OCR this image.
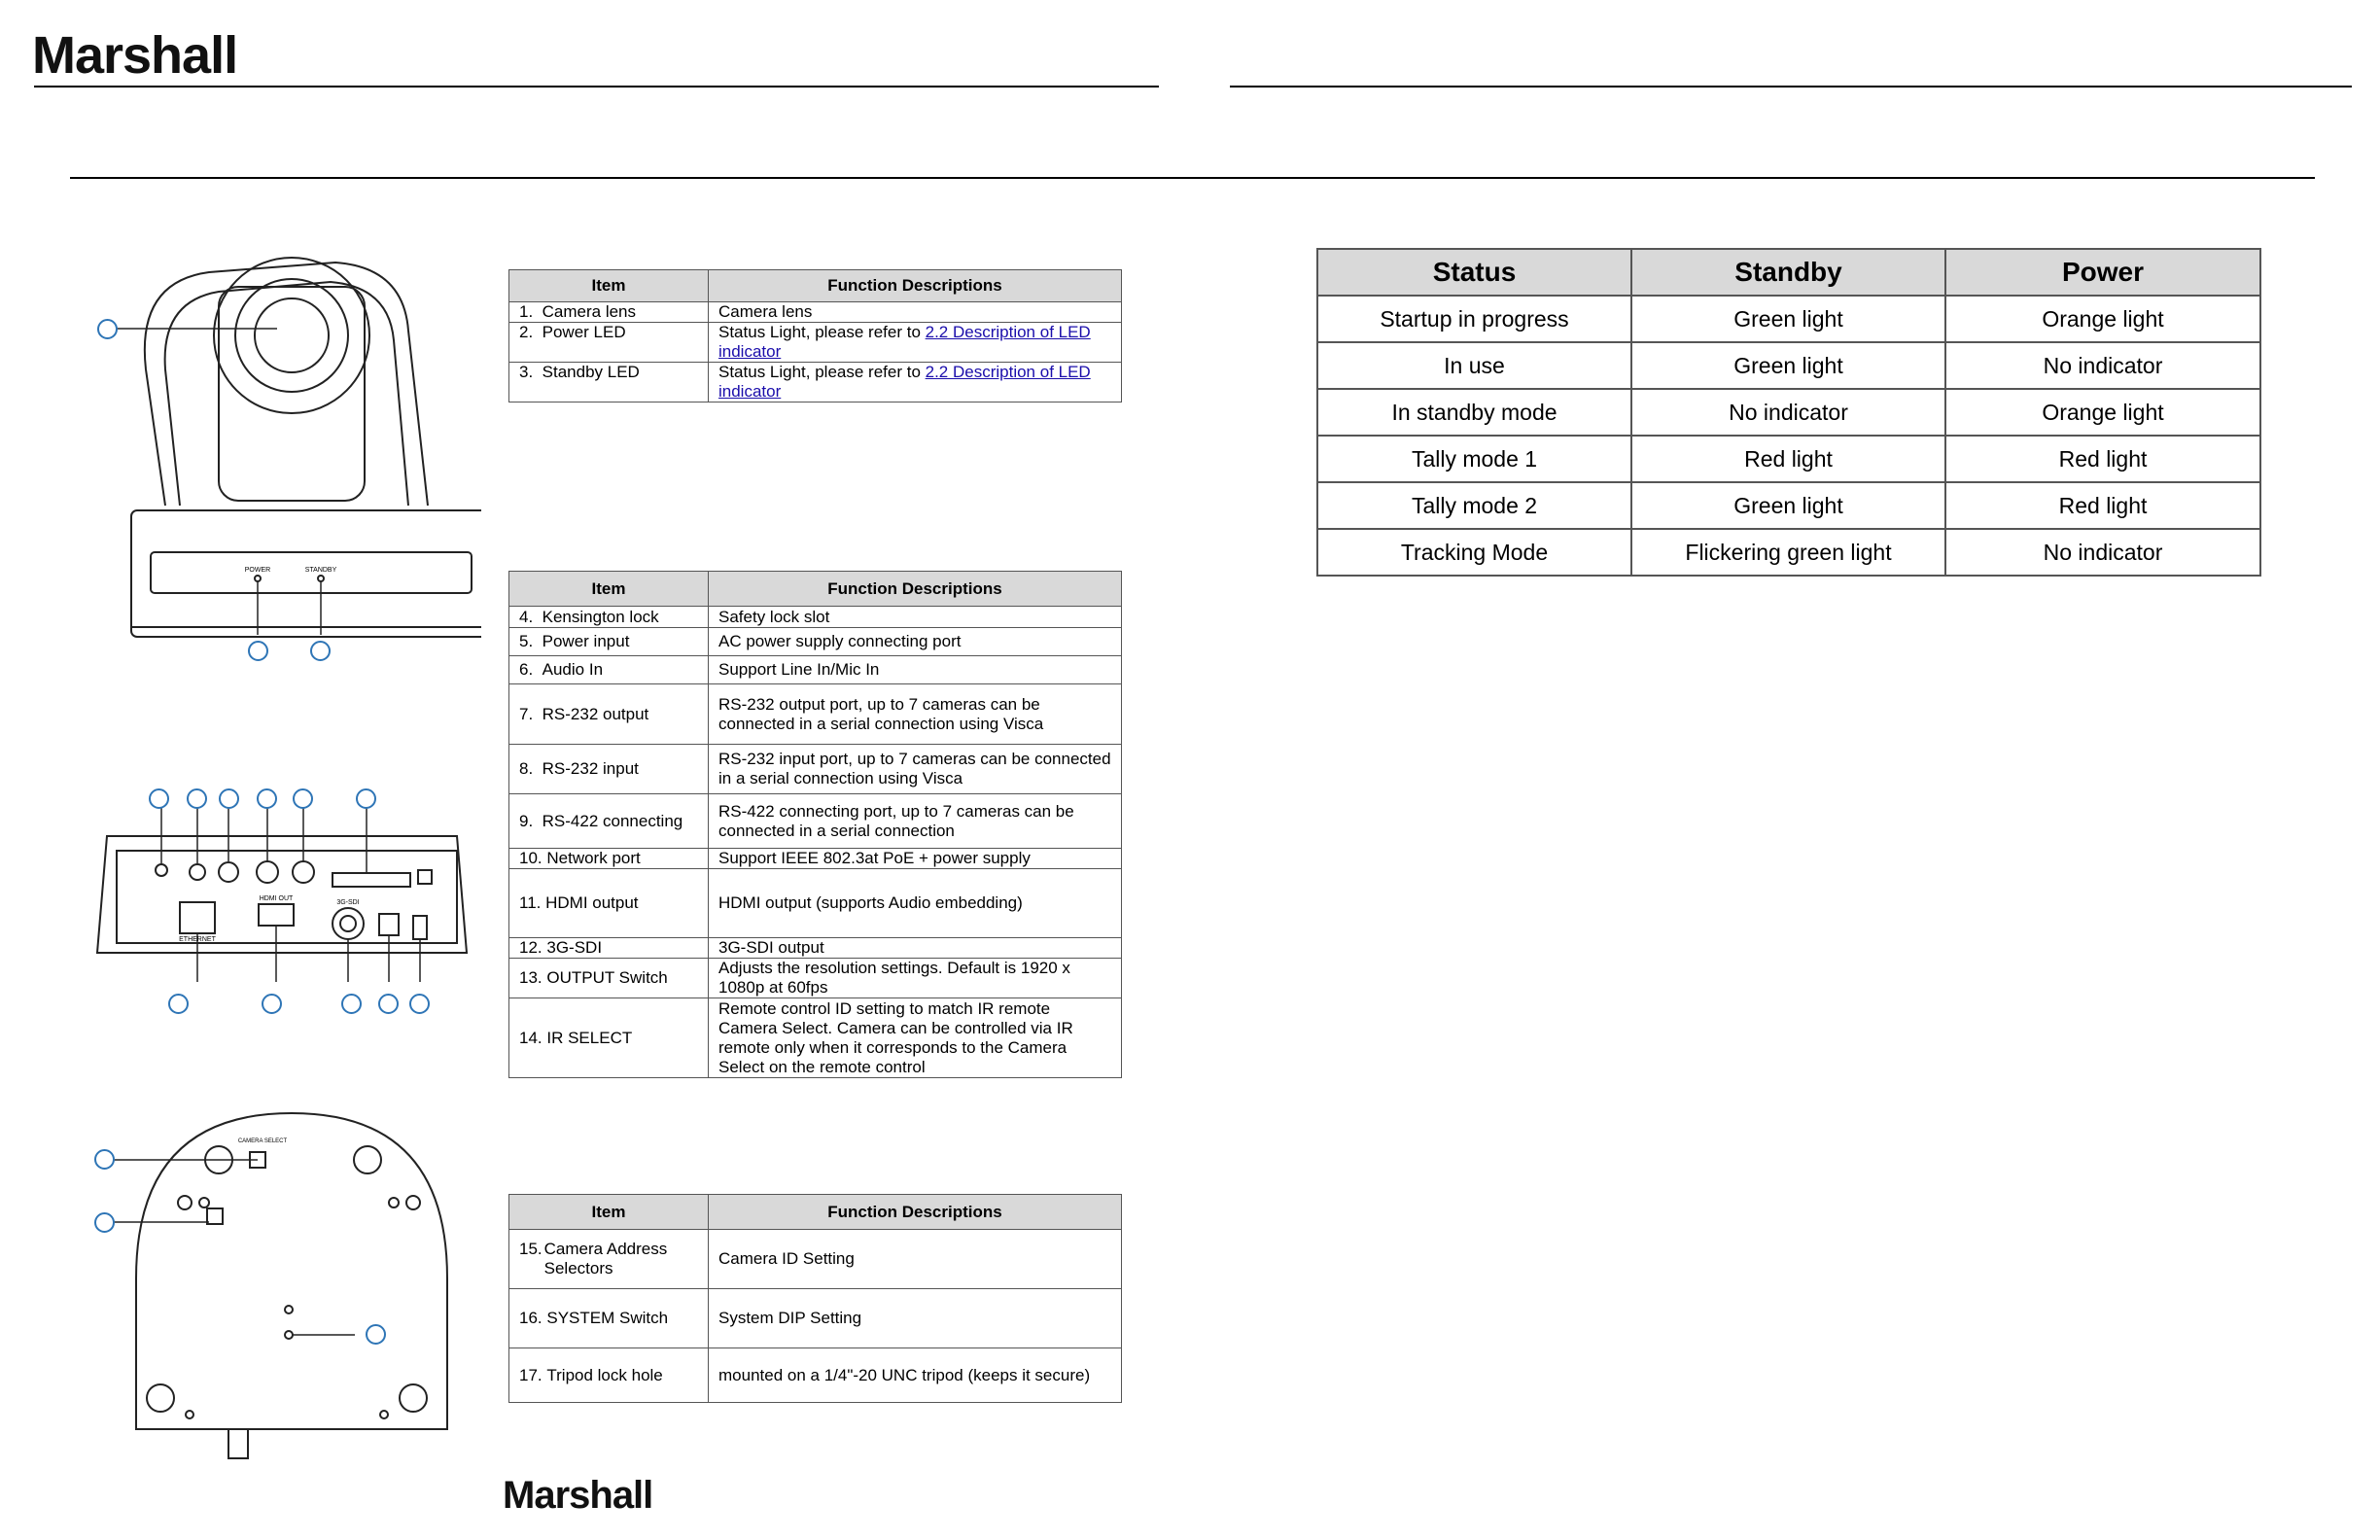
Marshall
Marshall
POWER	STANDBY
ETHERNET
HDMI OUT
3G-SDI
CAMERA SELECT
Item	Function Descriptions
1. Camera lens	Camera lens
2. Power LED	Status Light, please refer to 2.2 Description of LED indicator
3. Standby LED	Status Light, please refer to 2.2 Description of LED indicator
Item	Function Descriptions
4. Kensington lock	Safety lock slot
5. Power input	AC power supply connecting port
6. Audio In	Support Line In/Mic In
7. RS-232 output	RS-232 output port, up to 7 cameras can be connected in a serial connection using Visca
8. RS-232 input	RS-232 input port, up to 7 cameras can be connected in a serial connection using Visca
9. RS-422 connecting	RS-422 connecting port, up to 7 cameras can be connected in a serial connection
10. Network port	Support IEEE 802.3at PoE + power supply
11. HDMI output	HDMI output (supports Audio embedding)
12. 3G-SDI	3G-SDI output
13. OUTPUT Switch	Adjusts the resolution settings. Default is 1920 x 1080p at 60fps
14. IR SELECT	Remote control ID setting to match IR remote Camera Select. Camera can be controlled via IR remote only when it corresponds to the Camera Select on the remote control
Item	Function Descriptions

15. Camera Address Selectors	Camera ID Setting
16. SYSTEM Switch	System DIP Setting
17. Tripod lock hole	mounted on a 1/4"-20 UNC tripod (keeps it secure)
Status	Standby	Power
Startup in progress	Green light	Orange light
In use	Green light	No indicator
In standby mode	No indicator	Orange light
Tally mode 1	Red light	Red light
Tally mode 2	Green light	Red light
Tracking Mode	Flickering green light	No indicator
